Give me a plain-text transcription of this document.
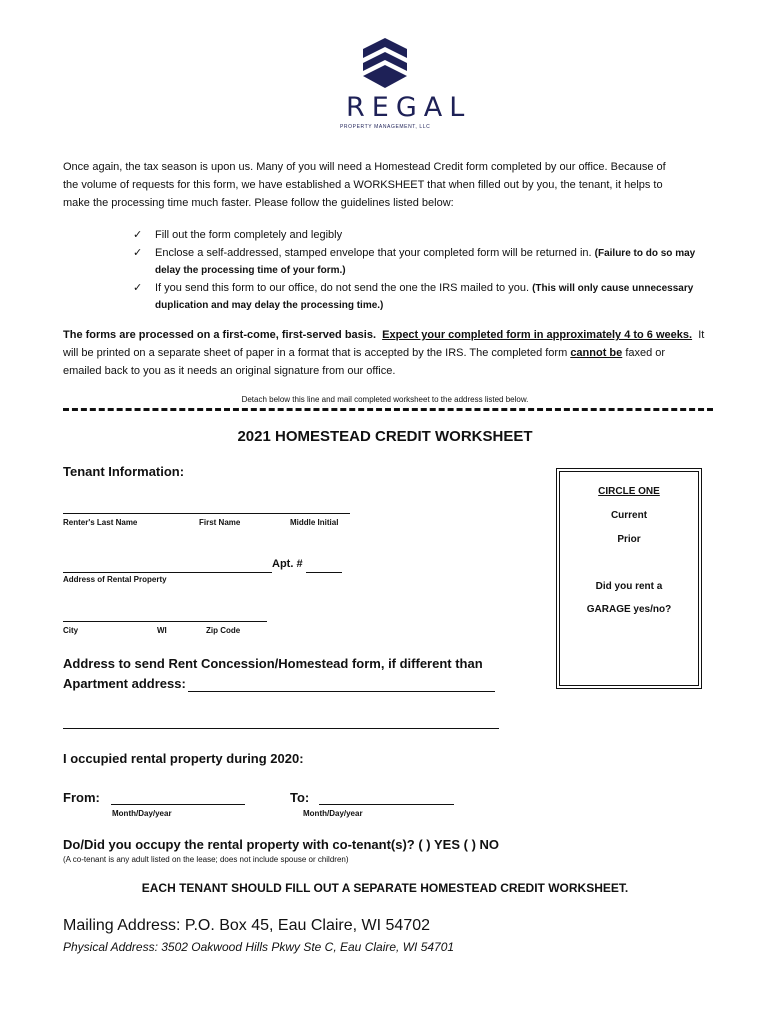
REGAL
PROPERTY MANAGEMENT, LLC
Once again, the tax season is upon us. Many of you will need a Homestead Credit form completed by our office. Because of
the volume of requests for this form, we have established a WORKSHEET that when filled out by you, the tenant, it helps to
make the processing time much faster. Please follow the guidelines listed below:
✓	Fill out the form completely and legibly
✓	Enclose a self-addressed, stamped envelope that your completed form will be returned in. (Failure to do so may delay the processing time of your form.)
✓	If you send this form to our office, do not send the one the IRS mailed to you. (This will only cause unnecessary duplication and may delay the processing time.)
The forms are processed on a first-come, first-served basis. Expect your completed form in approximately 4 to 6 weeks. It
will be printed on a separate sheet of paper in a format that is accepted by the IRS. The completed form cannot be faxed or
emailed back to you as it needs an original signature from our office.
Detach below this line and mail completed worksheet to the address listed below.
2021 HOMESTEAD CREDIT WORKSHEET
Tenant Information:
Renter's Last Name	First Name	Middle Initial
Apt. #
Address of Rental Property
City	WI	Zip Code
CIRCLE ONE
Current
Prior
Did you rent a
GARAGE yes/no?
Address to send Rent Concession/Homestead form, if different than
Apartment address:
I occupied rental property during 2020:
From:
Month/Day/year
To:
Month/Day/year
Do/Did you occupy the rental property with co-tenant(s)? ( ) YES ( ) NO
(A co-tenant is any adult listed on the lease; does not include spouse or children)
EACH TENANT SHOULD FILL OUT A SEPARATE HOMESTEAD CREDIT WORKSHEET.
Mailing Address: P.O. Box 45, Eau Claire, WI 54702
Physical Address: 3502 Oakwood Hills Pkwy Ste C, Eau Claire, WI 54701
